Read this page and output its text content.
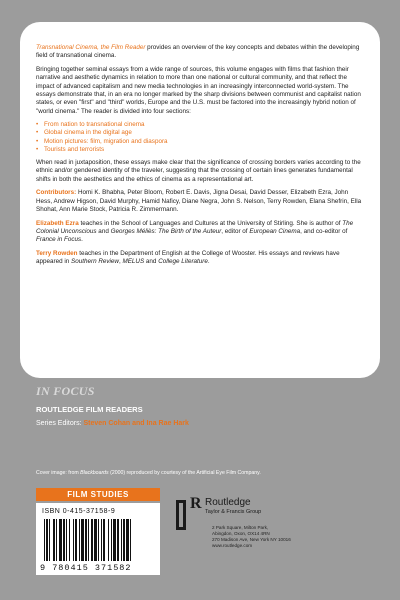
Transnational Cinema, the Film Reader provides an overview of the key concepts and debates within the developing field of transnational cinema.

Bringing together seminal essays from a wide range of sources, this volume engages with films that fashion their narrative and aesthetic dynamics in relation to more than one national or cultural community, and that reflect the impact of advanced capitalism and new media technologies in an increasingly interconnected world-system. The essays demonstrate that, in an era no longer marked by the sharp divisions between communist and capitalist nation states, or even "first" and "third" worlds, Europe and the U.S. must be factored into the increasingly hybrid notion of "world cinema." The reader is divided into four sections:

• From nation to transnational cinema
• Global cinema in the digital age
• Motion pictures: film, migration and diaspora
• Tourists and terrorists

When read in juxtaposition, these essays make clear that the significance of crossing borders varies according to the ethnic and/or gendered identity of the traveler, suggesting that the crossing of certain lines generates fundamental shifts in both the aesthetics and the ethics of cinema as a representational art.

Contributors: Homi K. Bhabha, Peter Bloom, Robert E. Davis, Jigna Desai, David Desser, Elizabeth Ezra, John Hess, Andrew Higson, David Murphy, Hamid Naficy, Diane Negra, John S. Nelson, Terry Rowden, Elana Shefrin, Ella Shohat, Ann Marie Stock, Patricia R. Zimmermann.

Elizabeth Ezra teaches in the School of Languages and Cultures at the University of Stirling. She is author of The Colonial Unconscious and Georges Méliès: The Birth of the Auteur, editor of European Cinema, and co-editor of France in Focus.

Terry Rowden teaches in the Department of English at the College of Wooster. His essays and reviews have appeared in Southern Review, MELUS and College Literature.

IN FOCUS
ROUTLEDGE FILM READERS
Series Editors: Steven Cohan and Ina Rae Hark
Cover image: from Blackboards (2000) reproduced by courtesy of the Artificial Eye Film Company.
FILM STUDIES
ISBN 0-415-37158-9
9 780415 371582
R Routledge
Taylor & Francis Group
2 Park Square, Milton Park,
Abingdon, Oxon, OX14 4RN
270 Madison Ave, New York NY 10016
www.routledge.com
